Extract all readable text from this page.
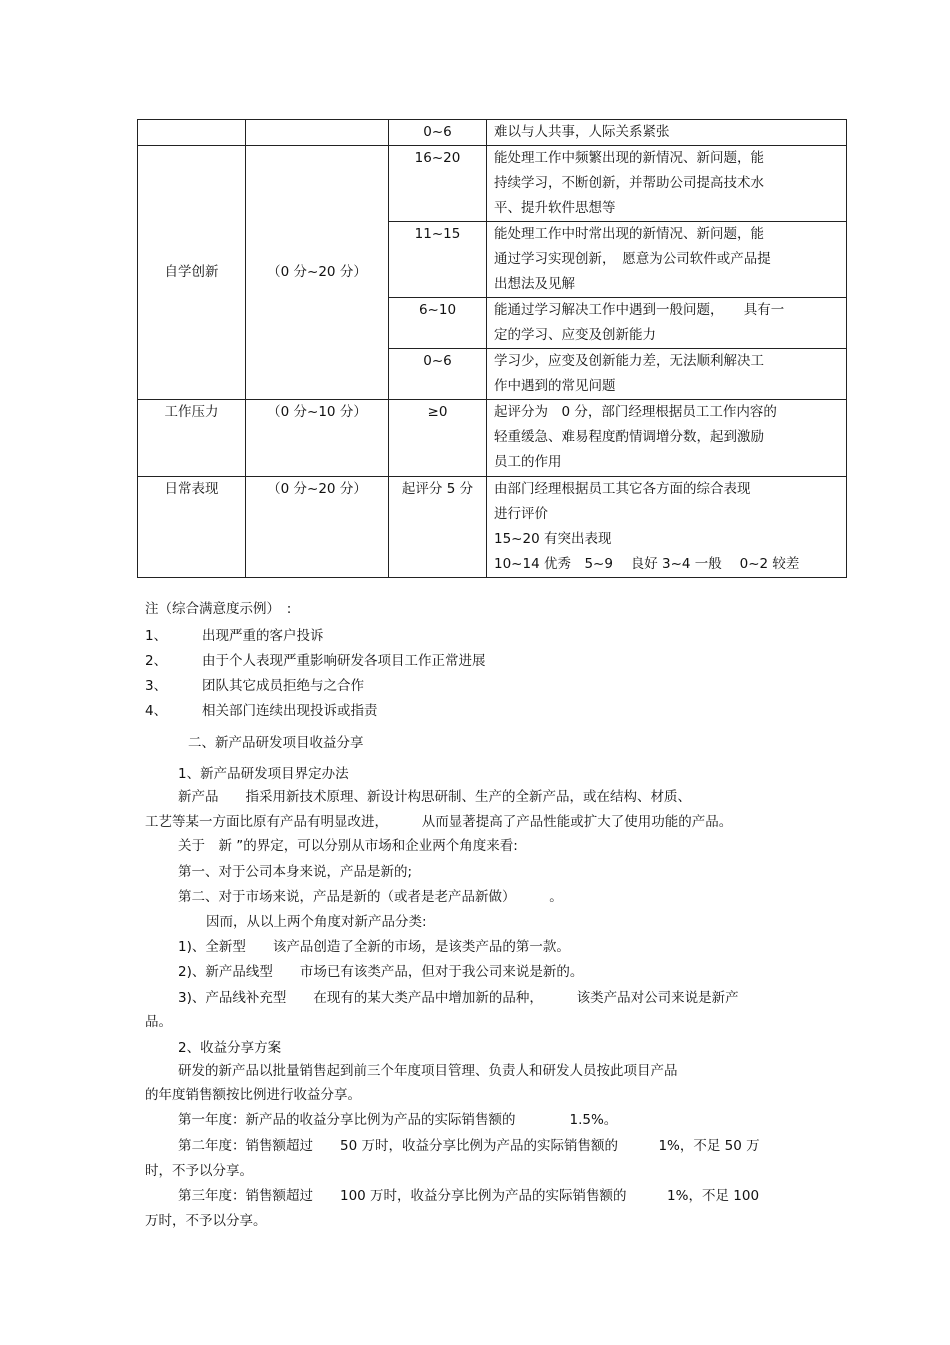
		0~6	难以与人共事，人际关系紧张
自学创新	（0 分~20 分）	16~20	能处理工作中频繁出现的新情况、新问题，能
持续学习，不断创新，并帮助公司提高技术水
平、提升软件思想等

		11~15	能处理工作中时常出现的新情况、新问题，能
通过学习实现创新，　愿意为公司软件或产品提
出想法及见解

		6~10	能通过学习解决工作中遇到一般问题，　　具有一
定的学习、应变及创新能力

		0~6	学习少，应变及创新能力差，无法顺利解决工
作中遇到的常见问题

工作压力	（0 分~10 分）	≥0	起评分为　0 分，部门经理根据员工工作内容的
轻重缓急、难易程度酌情调增分数，起到激励
员工的作用

日常表现	（0 分~20 分）	起评分 5 分	由部门经理根据员工其它各方面的综合表现
进行评价
15~20 有突出表现
10~14 优秀　5~9　 良好 3~4 一般 　0~2 较差
注（综合满意度示例）　:
1、	出现严重的客户投诉
2、	由于个人表现严重影响研发各项目工作正常进展
3、	团队其它成员拒绝与之合作
4、	相关部门连续出现投诉或指责
二、新产品研发项目收益分享
1、新产品研发项目界定办法
新产品　　指采用新技术原理、新设计构思研制、生产的全新产品，或在结构、材质、
工艺等某一方面比原有产品有明显改进，　　　从而显著提高了产品性能或扩大了使用功能的产品。
关于　新 ”的界定，可以分别从市场和企业两个角度来看:
第一、对于公司本身来说，产品是新的;
第二、对于市场来说，产品是新的（或者是老产品新做）　　　。
因而，从以上两个角度对新产品分类:
1)、全新型　　该产品创造了全新的市场，是该类产品的第一款。
2)、新产品线型　　市场已有该类产品，但对于我公司来说是新的。
3)、产品线补充型　　在现有的某大类产品中增加新的品种，　　　该类产品对公司来说是新产
品。
2、收益分享方案
研发的新产品以批量销售起到前三个年度项目管理、负责人和研发人员按此项目产品
的年度销售额按比例进行收益分享。
第一年度：新产品的收益分享比例为产品的实际销售额的　　　　1.5%。
第二年度：销售额超过　　50 万时，收益分享比例为产品的实际销售额的　　　1%，不足 50 万
时，不予以分享。
第三年度：销售额超过　　100 万时，收益分享比例为产品的实际销售额的　　　1%，不足 100
万时，不予以分享。
